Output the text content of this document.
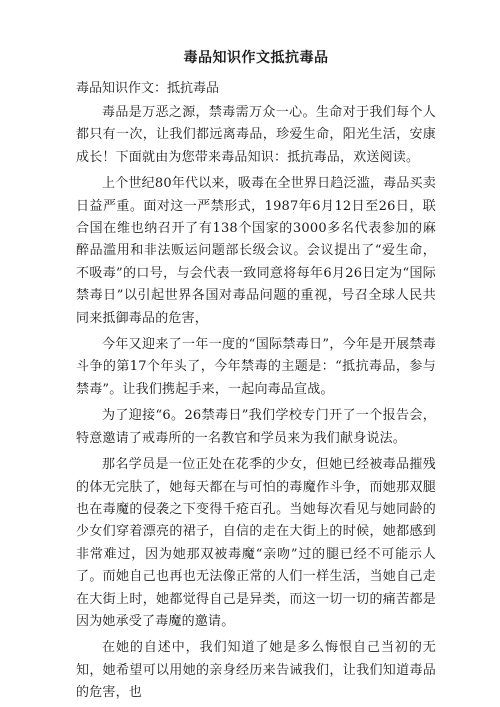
毒品知识作文抵抗毒品

毒品知识作文：抵抗毒品

毒品是万恶之源，禁毒需万众一心。生命对于我们每个人都只有一次，让我们都远离毒品，珍爱生命，阳光生活，安康成长！下面就由为您带来毒品知识：抵抗毒品，欢送阅读。

上个世纪80年代以来，吸毒在全世界日趋泛滥，毒品买卖日益严重。面对这一严禁形式，1987年6月12日至26日，联合国在维也纳召开了有138个国家的3000多名代表参加的麻醉品滥用和非法贩运问题部长级会议。会议提出了“爱生命，不吸毒”的口号，与会代表一致同意将每年6月26日定为“国际禁毒日”以引起世界各国对毒品问题的重视，号召全球人民共同来抵御毒品的危害，

今年又迎来了一年一度的“国际禁毒日”，今年是开展禁毒斗争的第17个年头了，今年禁毒的主题是：“抵抗毒品，参与禁毒”。让我们携起手来，一起向毒品宣战。

为了迎接“6。26禁毒日”我们学校专门开了一个报告会，特意邀请了戒毒所的一名教官和学员来为我们献身说法。

那名学员是一位正处在花季的少女，但她已经被毒品摧残的体无完肤了，她每天都在与可怕的毒魔作斗争，而她那双腿也在毒魔的侵袭之下变得千疮百孔。当她每次看见与她同龄的少女们穿着漂亮的裙子，自信的走在大街上的时候，她都感到非常难过，因为她那双被毒魔“亲吻”过的腿已经不可能示人了。而她自己也再也无法像正常的人们一样生活，当她自己走在大街上时，她都觉得自己是异类，而这一切一切的痛苦都是因为她承受了毒魔的邀请。

在她的自述中，我们知道了她是多么悔恨自己当初的无知，她希望可以用她的亲身经历来告诫我们，让我们知道毒品的危害，也
